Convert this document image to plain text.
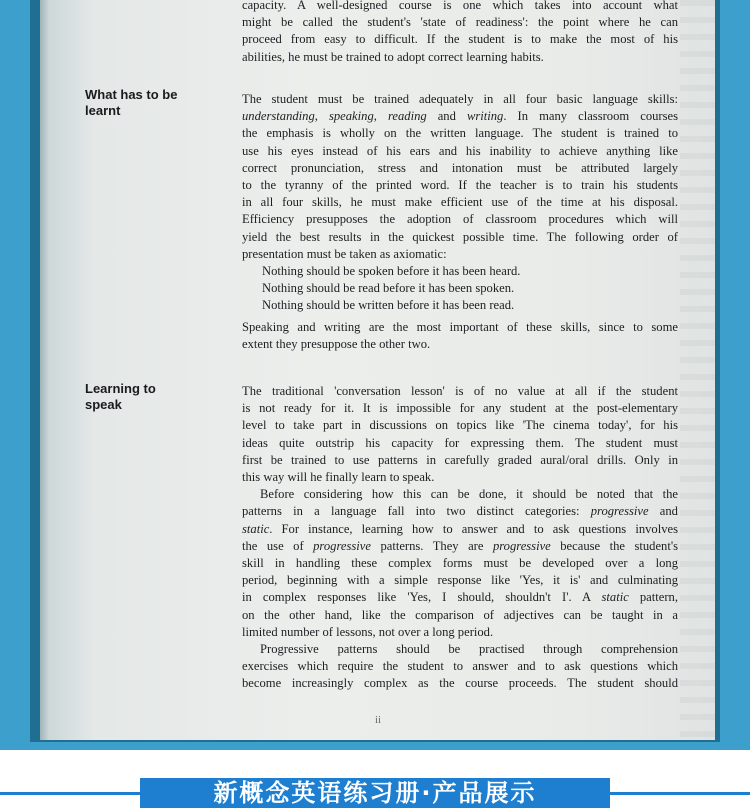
capacity. A well-designed course is one which takes into account what
might be called the student's 'state of readiness': the point where he can
proceed from easy to difficult. If the student is to make the most of his
abilities, he must be trained to adopt correct learning habits.
What has to be
learnt
The student must be trained adequately in all four basic language skills:
understanding, speaking, reading and writing. In many classroom courses
the emphasis is wholly on the written language. The student is trained to
use his eyes instead of his ears and his inability to achieve anything like
correct pronunciation, stress and intonation must be attributed largely
to the tyranny of the printed word. If the teacher is to train his students
in all four skills, he must make efficient use of the time at his disposal.
Efficiency presupposes the adoption of classroom procedures which will
yield the best results in the quickest possible time. The following order of
presentation must be taken as axiomatic:
Nothing should be spoken before it has been heard.
Nothing should be read before it has been spoken.
Nothing should be written before it has been read.
Speaking and writing are the most important of these skills, since to some
extent they presuppose the other two.
Learning to
speak
The traditional 'conversation lesson' is of no value at all if the student
is not ready for it. It is impossible for any student at the post-elementary
level to take part in discussions on topics like 'The cinema today', for his
ideas quite outstrip his capacity for expressing them. The student must
first be trained to use patterns in carefully graded aural/oral drills. Only in
this way will he finally learn to speak.
Before considering how this can be done, it should be noted that the
patterns in a language fall into two distinct categories: progressive and
static. For instance, learning how to answer and to ask questions involves
the use of progressive patterns. They are progressive because the student's
skill in handling these complex forms must be developed over a long
period, beginning with a simple response like 'Yes, it is' and culminating
in complex responses like 'Yes, I should, shouldn't I'. A static pattern,
on the other hand, like the comparison of adjectives can be taught in a
limited number of lessons, not over a long period.
Progressive patterns should be practised through comprehension
exercises which require the student to answer and to ask questions which
become increasingly complex as the course proceeds. The student should
ii
新概念英语练习册·产品展示
